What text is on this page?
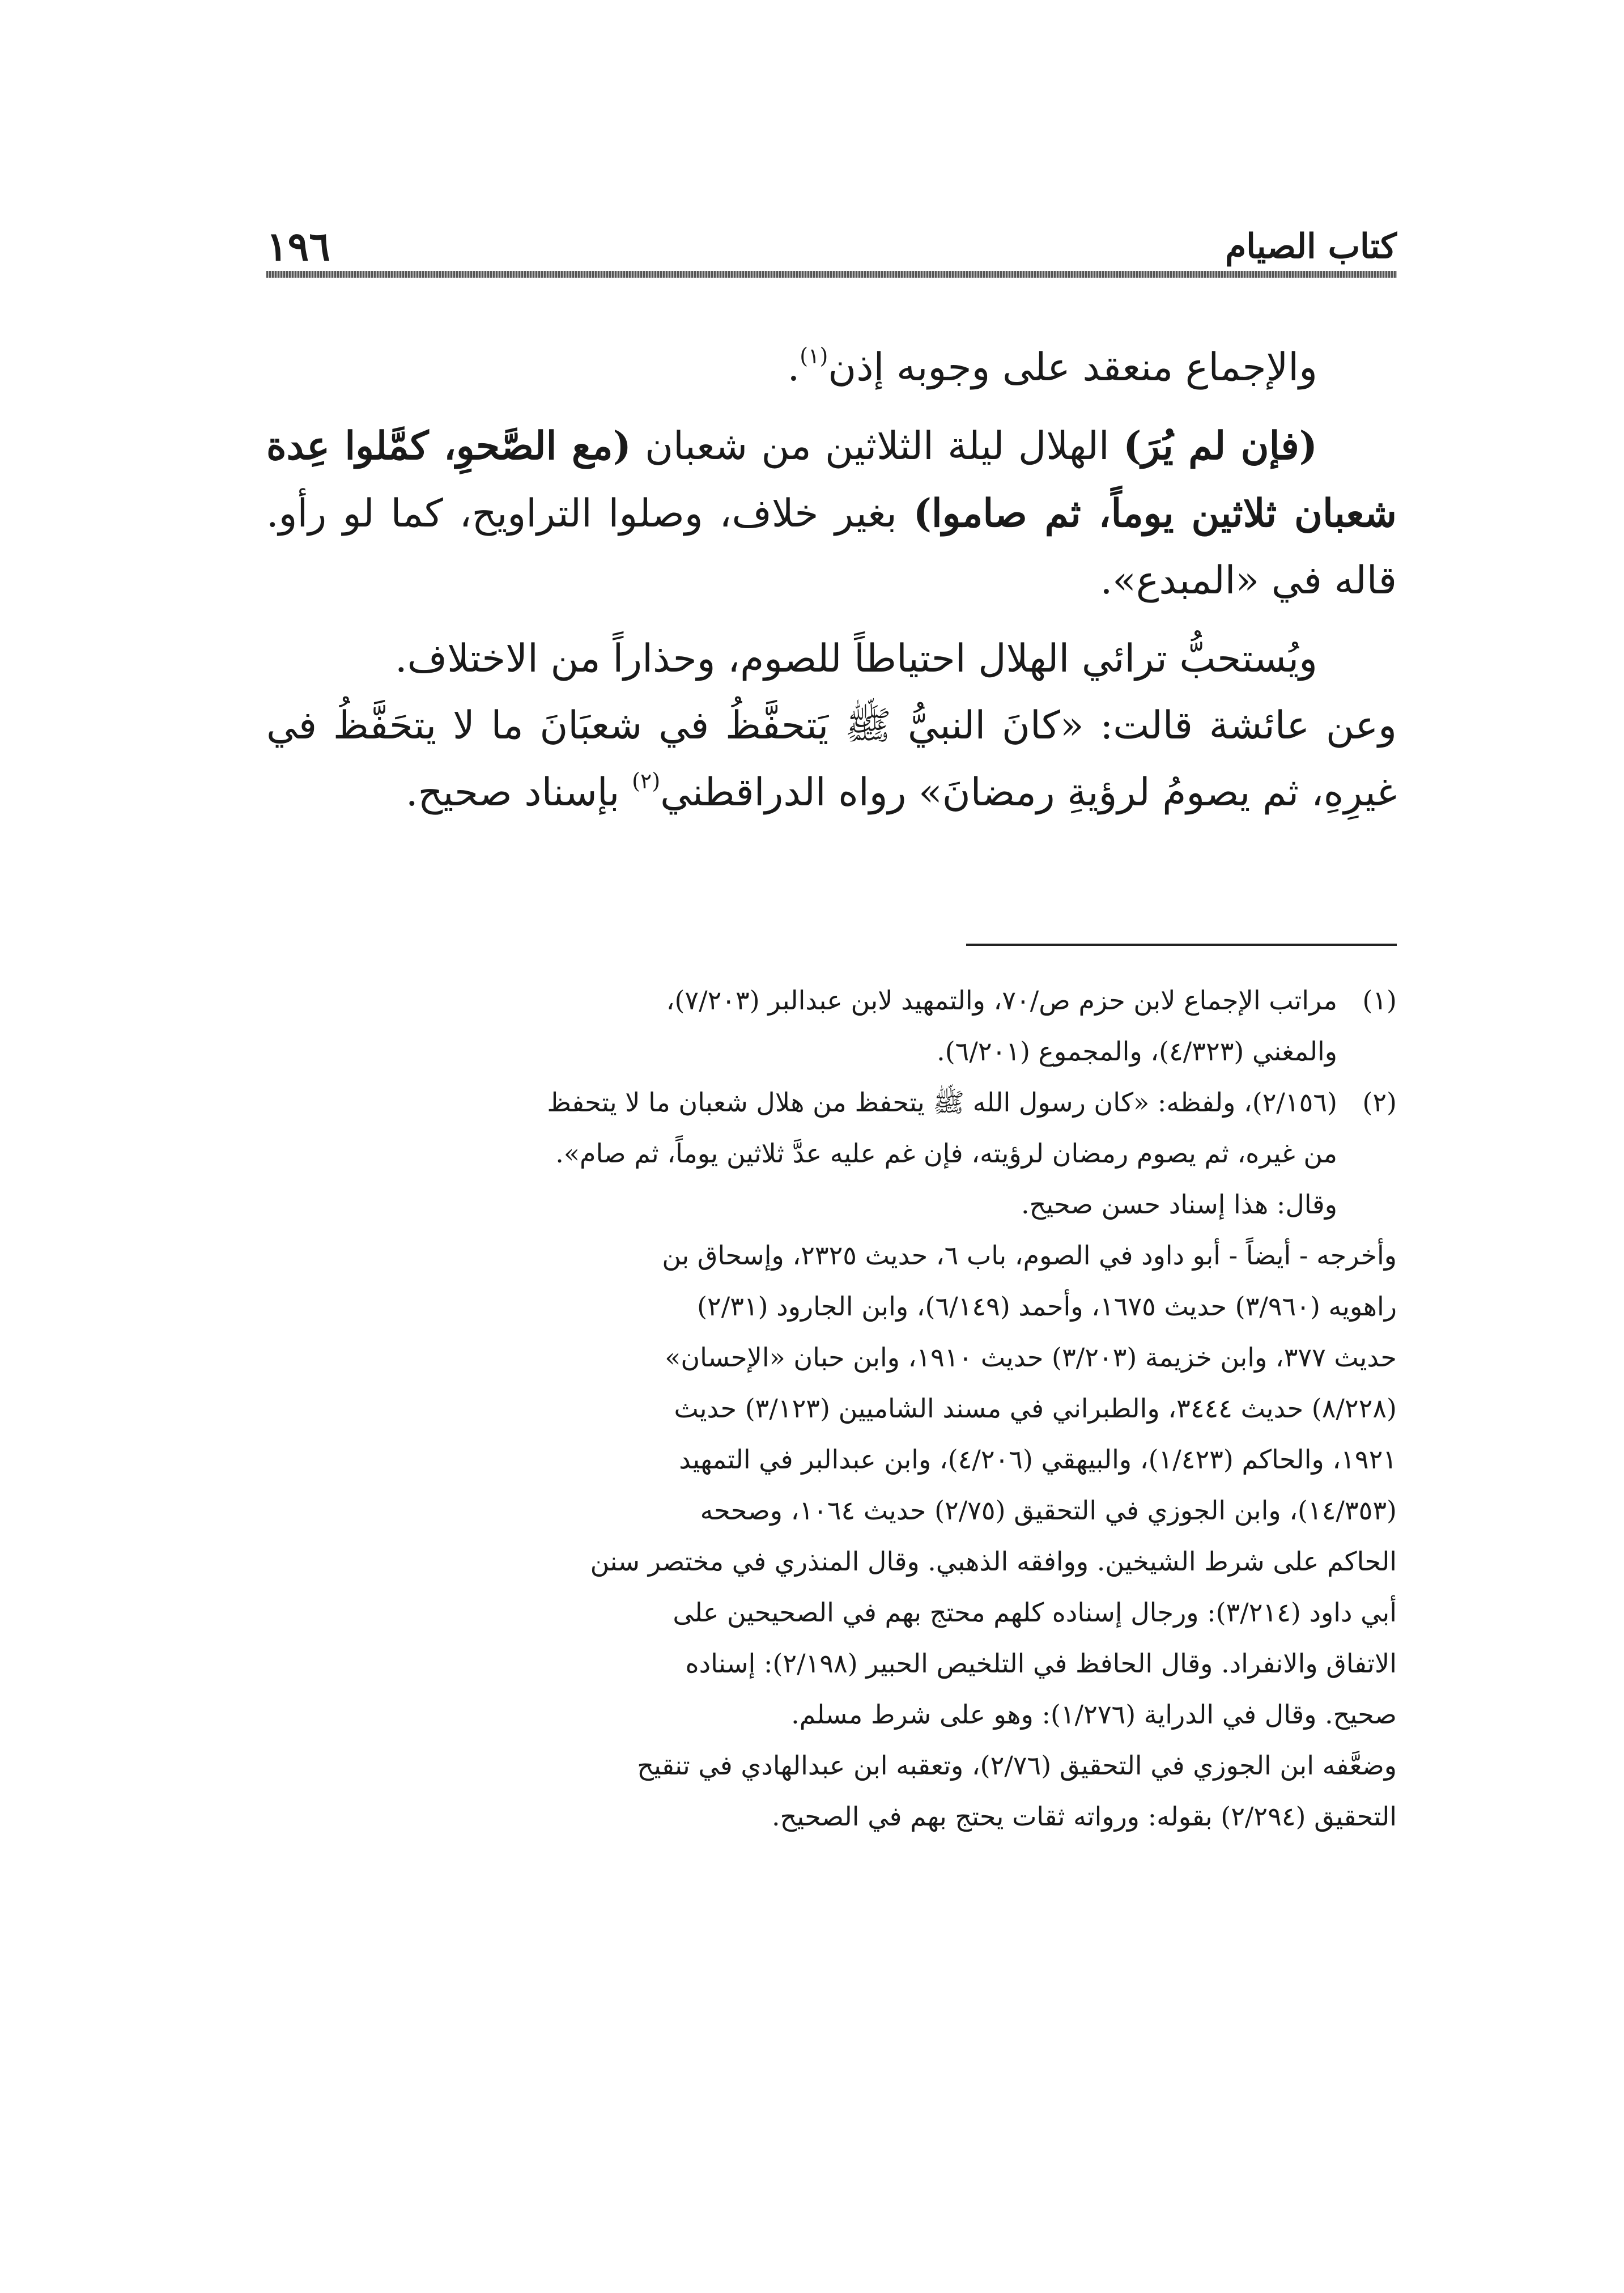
كتاب الصيام
١٩٦

والإجماع منعقد على وجوبه إذن$^{(١)}$.

(فإن لم يُرَ) الهلال ليلة الثلاثين من شعبان (مع الصَّحوِ، كمَّلوا عِدة شعبان ثلاثين يوماً، ثم صاموا) بغير خلاف، وصلوا التراويح، كما لو رأو. قاله في «المبدع».

ويُستحبُّ ترائي الهلال احتياطاً للصوم، وحذاراً من الاختلاف.

وعن عائشة قالت: «كانَ النبيُّ ﷺ يَتحفَّظُ في شعبَانَ ما لا يتحَفَّظُ في غيرِهِ، ثم يصومُ لرؤيةِ رمضانَ» رواه الدراقطني$^{(٢)}$ بإسناد صحيح.

(١)
مراتب الإجماع لابن حزم ص/٧٠، والتمهيد لابن عبدالبر (٧/٢٠٣)،
والمغني (٤/٣٢٣)، والمجموع (٦/٢٠١).
(٢)
(٢/١٥٦)، ولفظه: «كان رسول الله ﷺ يتحفظ من هلال شعبان ما لا يتحفظ
من غيره، ثم يصوم رمضان لرؤيته، فإن غم عليه عدَّ ثلاثين يوماً، ثم صام».
وقال: هذا إسناد حسن صحيح.
وأخرجه - أيضاً - أبو داود في الصوم، باب ٦، حديث ٢٣٢٥، وإسحاق بن
راهويه (٣/٩٦٠) حديث ١٦٧٥، وأحمد (٦/١٤٩)، وابن الجارود (٢/٣١)
حديث ٣٧٧، وابن خزيمة (٣/٢٠٣) حديث ١٩١٠، وابن حبان «الإحسان»
(٨/٢٢٨) حديث ٣٤٤٤، والطبراني في مسند الشاميين (٣/١٢٣) حديث
١٩٢١، والحاكم (١/٤٢٣)، والبيهقي (٤/٢٠٦)، وابن عبدالبر في التمهيد
(١٤/٣٥٣)، وابن الجوزي في التحقيق (٢/٧٥) حديث ١٠٦٤، وصححه
الحاكم على شرط الشيخين. ووافقه الذهبي. وقال المنذري في مختصر سنن
أبي داود (٣/٢١٤): ورجال إسناده كلهم محتج بهم في الصحيحين على
الاتفاق والانفراد. وقال الحافظ في التلخيص الحبير (٢/١٩٨): إسناده
صحيح. وقال في الدراية (١/٢٧٦): وهو على شرط مسلم.
وضعَّفه ابن الجوزي في التحقيق (٢/٧٦)، وتعقبه ابن عبدالهادي في تنقيح
التحقيق (٢/٢٩٤) بقوله: ورواته ثقات يحتج بهم في الصحيح.
